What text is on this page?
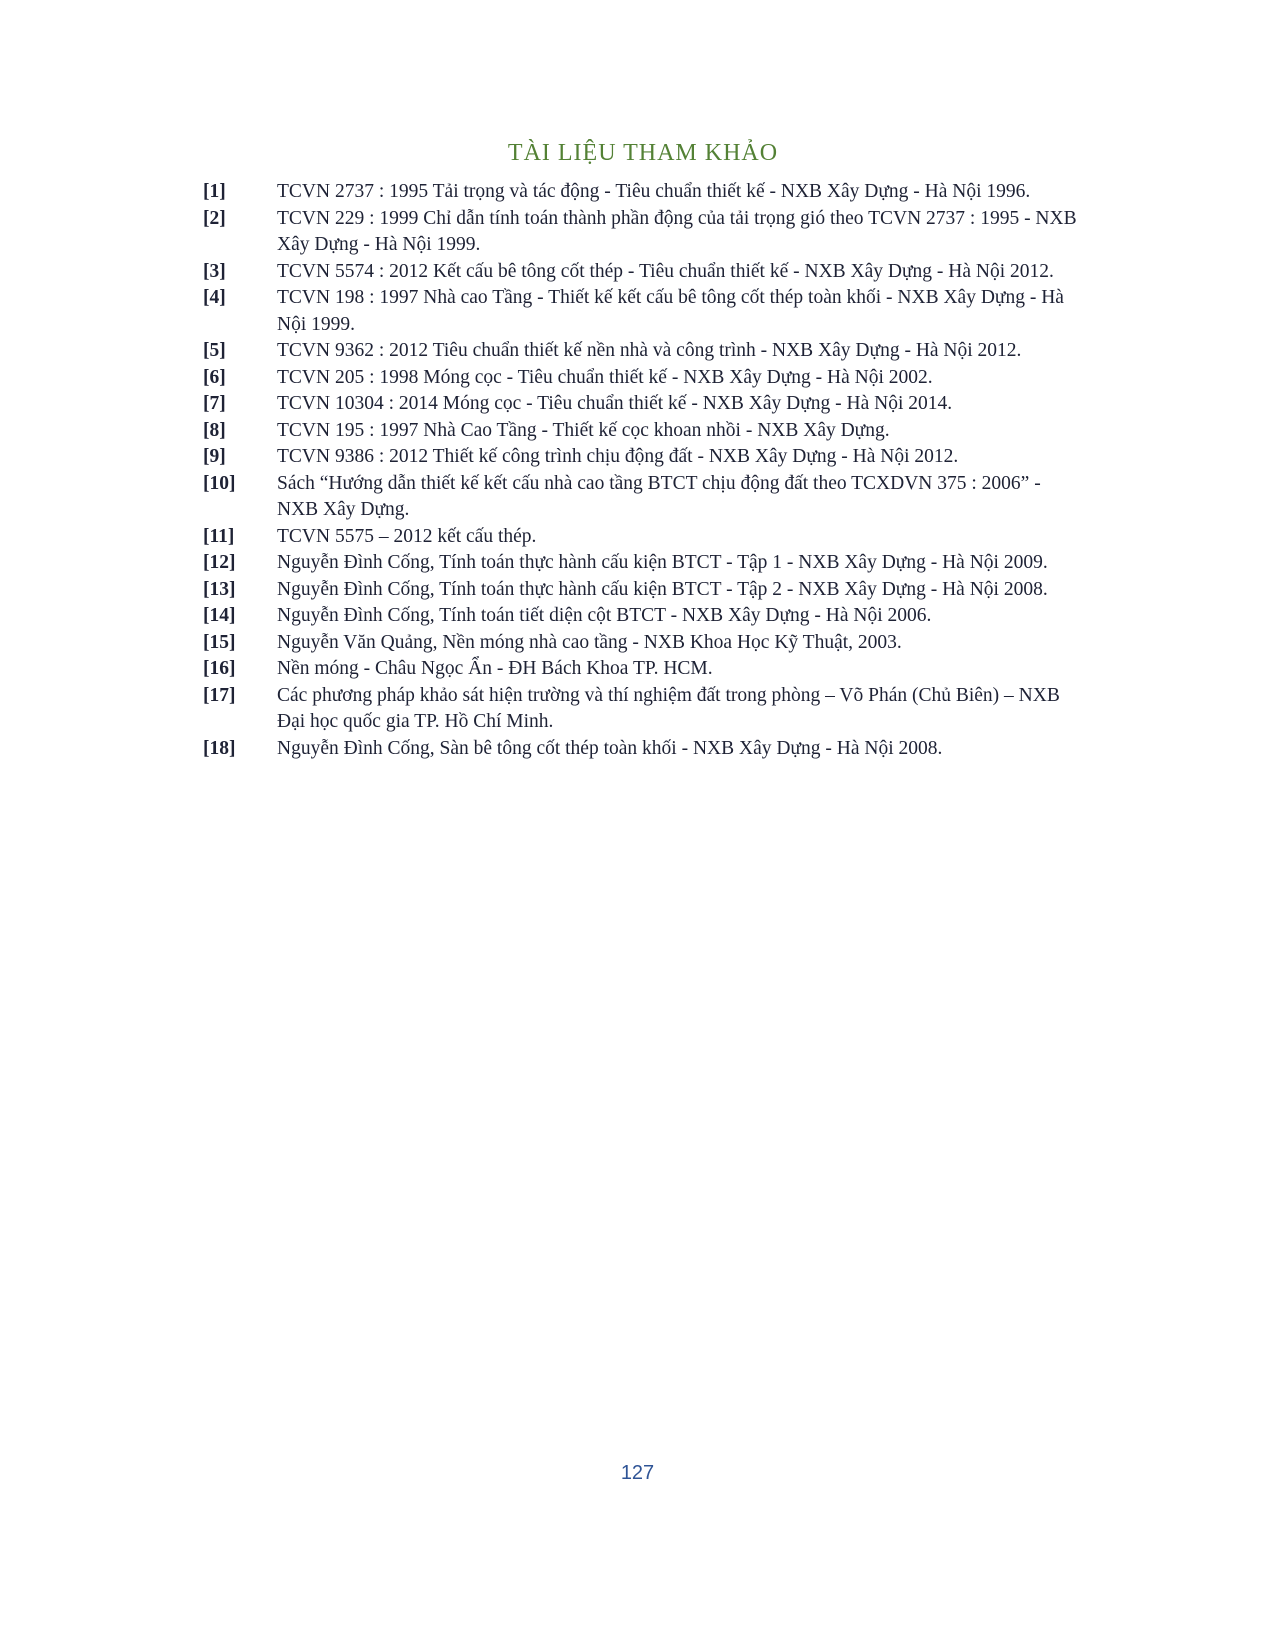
TÀI LIỆU THAM KHẢO
[1]	TCVN 2737 : 1995 Tải trọng và tác động - Tiêu chuẩn thiết kế - NXB Xây Dựng - Hà Nội 1996.
[2]	TCVN 229 : 1999 Chỉ dẫn tính toán thành phần động của tải trọng gió theo TCVN 2737 : 1995 - NXB Xây Dựng - Hà Nội 1999.
[3]	TCVN 5574 : 2012 Kết cấu bê tông cốt thép - Tiêu chuẩn thiết kế - NXB Xây Dựng - Hà Nội 2012.
[4]	TCVN 198 : 1997 Nhà cao Tầng - Thiết kế kết cấu bê tông cốt thép toàn khối - NXB Xây Dựng - Hà Nội 1999.
[5]	TCVN 9362 : 2012 Tiêu chuẩn thiết kế nền nhà và công trình - NXB Xây Dựng - Hà Nội 2012.
[6]	TCVN 205 : 1998 Móng cọc - Tiêu chuẩn thiết kế - NXB Xây Dựng - Hà Nội 2002.
[7]	TCVN 10304 : 2014 Móng cọc - Tiêu chuẩn thiết kế - NXB Xây Dựng - Hà Nội 2014.
[8]	TCVN 195 : 1997 Nhà Cao Tầng - Thiết kế cọc khoan nhồi - NXB Xây Dựng.
[9]	TCVN 9386 : 2012 Thiết kế công trình chịu động đất - NXB Xây Dựng - Hà Nội 2012.
[10]	Sách “Hướng dẫn thiết kế kết cấu nhà cao tầng BTCT chịu động đất theo TCXDVN 375 : 2006” - NXB Xây Dựng.
[11]	TCVN 5575 – 2012 kết cấu thép.
[12]	Nguyễn Đình Cống, Tính toán thực hành cấu kiện BTCT - Tập 1 - NXB Xây Dựng - Hà Nội 2009.
[13]	Nguyễn Đình Cống, Tính toán thực hành cấu kiện BTCT - Tập 2 - NXB Xây Dựng - Hà Nội 2008.
[14]	Nguyễn Đình Cống, Tính toán tiết diện cột BTCT - NXB Xây Dựng - Hà Nội 2006.
[15]	Nguyễn Văn Quảng, Nền móng nhà cao tầng - NXB Khoa Học Kỹ Thuật, 2003.
[16]	Nền móng - Châu Ngọc Ẩn - ĐH Bách Khoa TP. HCM.
[17]	Các phương pháp khảo sát hiện trường và thí nghiệm đất trong phòng – Võ Phán (Chủ Biên) – NXB Đại học quốc gia TP. Hồ Chí Minh.
[18]	Nguyễn Đình Cống, Sàn bê tông cốt thép toàn khối - NXB Xây Dựng - Hà Nội 2008.
127
